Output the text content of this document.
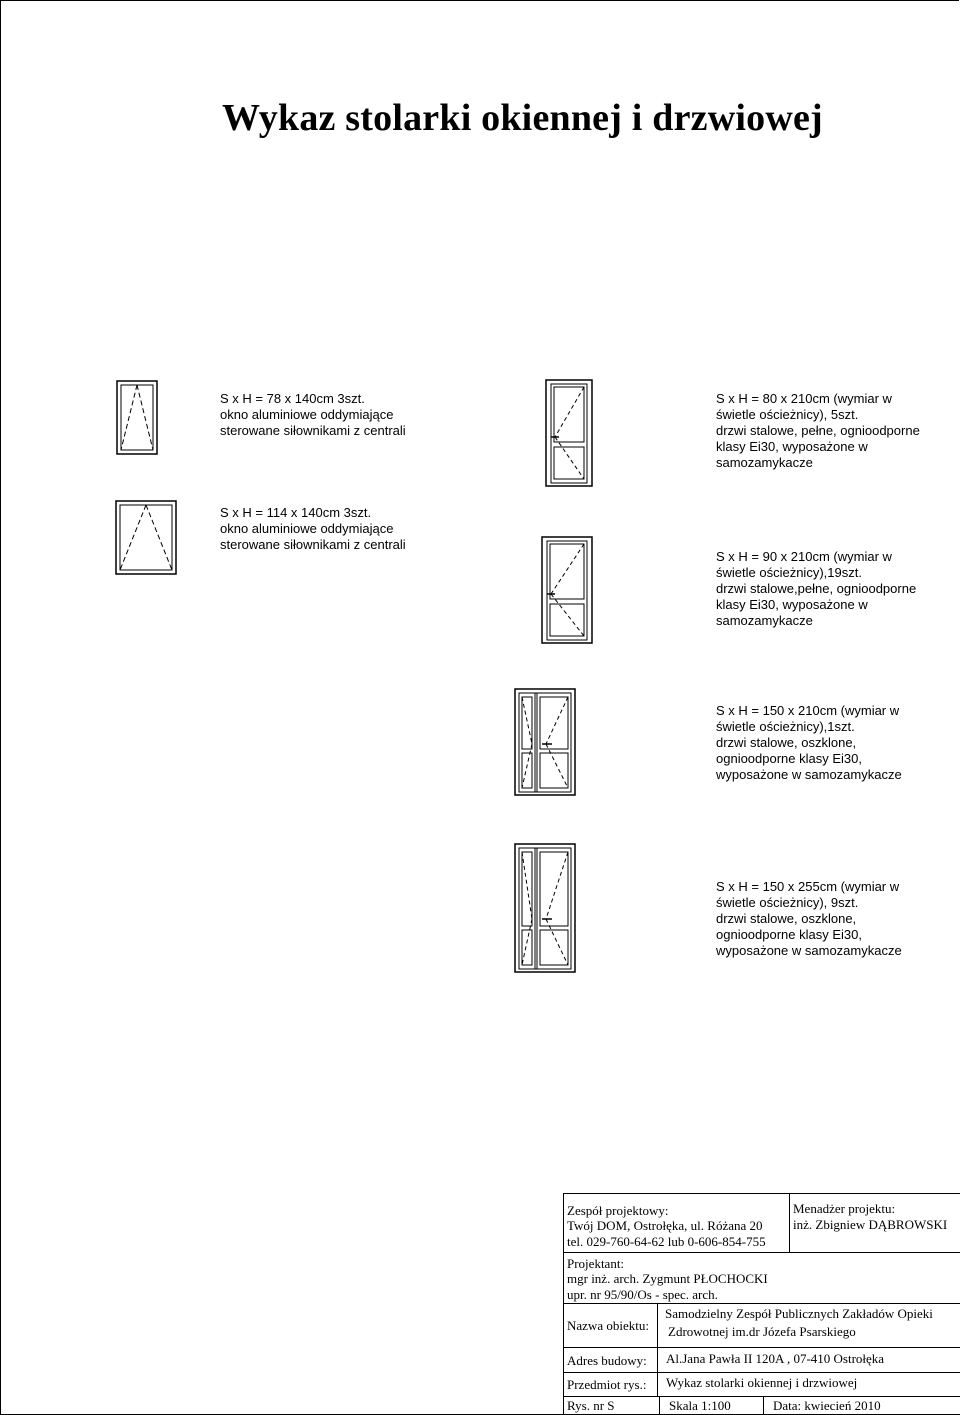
Wykaz stolarki okiennej i drzwiowej
S x H = 78 x 140cm 3szt.
okno aluminiowe oddymiające
sterowane siłownikami z centrali
S x H = 80 x 210cm (wymiar w
świetle ościeżnicy), 5szt.
drzwi stalowe, pełne, ognioodporne
klasy Ei30, wyposażone w
samozamykacze
S x H = 114 x 140cm 3szt.
okno aluminiowe oddymiające
sterowane siłownikami z centrali
S x H = 90 x 210cm (wymiar w
świetle ościeżnicy),19szt.
drzwi stalowe,pełne, ognioodporne
klasy Ei30, wyposażone w
samozamykacze
S x H = 150 x 210cm (wymiar w
świetle ościeżnicy),1szt.
drzwi stalowe, oszklone,
ognioodporne klasy Ei30,
wyposażone w samozamykacze
S x H = 150 x 255cm (wymiar w
świetle ościeżnicy), 9szt.
drzwi stalowe, oszklone,
ognioodporne klasy Ei30,
wyposażone w samozamykacze
Zespół projektowy:
Twój DOM, Ostrołęka, ul. Różana 20
tel. 029-760-64-62 lub 0-606-854-755
Menadżer projektu:
inż. Zbigniew DĄBROWSKI
Projektant:
mgr inż. arch. Zygmunt PŁOCHOCKI
upr. nr 95/90/Os - spec. arch.
Nazwa obiektu:
Samodzielny Zespół Publicznych Zakładów Opieki
Zdrowotnej im.dr Józefa Psarskiego
Adres budowy: Al.Jana Pawła II 120A , 07-410 Ostrołęka
Przedmiot rys.: Wykaz stolarki okiennej i drzwiowej
Rys. nr S	Skala 1:100	Data: kwiecień 2010
